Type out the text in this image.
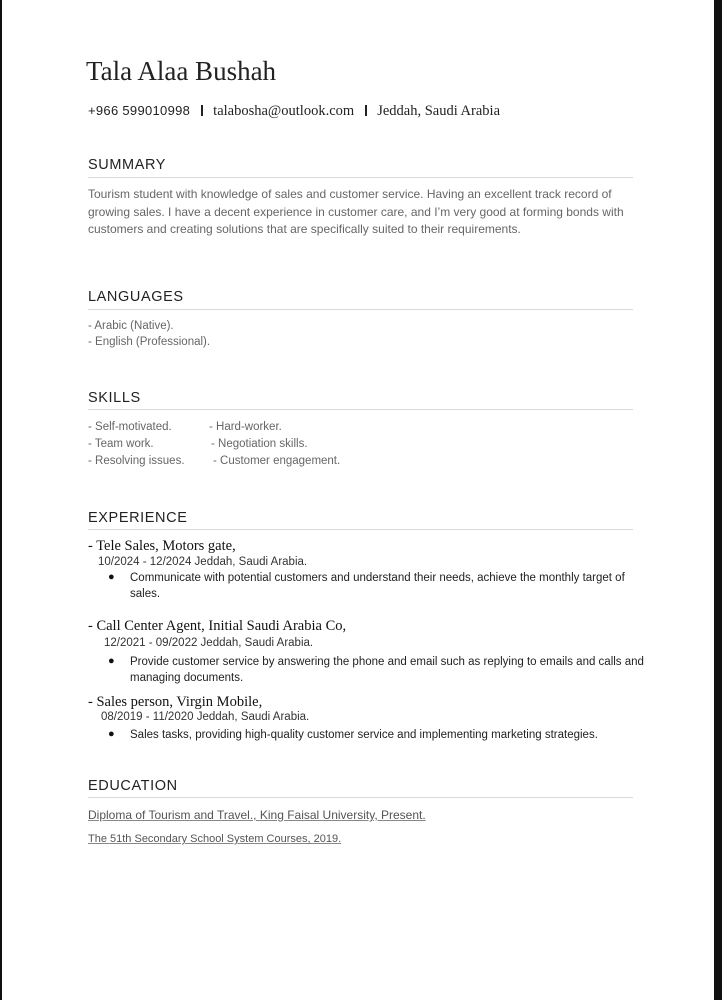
Tala Alaa Bushah
+966 599010998 talabosha@outlook.com Jeddah, Saudi Arabia
SUMMARY
Tourism student with knowledge of sales and customer service. Having an excellent track record of
growing sales. I have a decent experience in customer care, and I’m very good at forming bonds with
customers and creating solutions that are specifically suited to their requirements.
LANGUAGES
- Arabic (Native).
- English (Professional).
SKILLS
- Self-motivated.
- Team work.
- Resolving issues.
- Hard-worker.
- Negotiation skills.
- Customer engagement.
EXPERIENCE
- Tele Sales, Motors gate,
10/2024 - 12/2024 Jeddah, Saudi Arabia.
● Communicate with potential customers and understand their needs, achieve the monthly target of
sales.
- Call Center Agent, Initial Saudi Arabia Co,
12/2021 - 09/2022 Jeddah, Saudi Arabia.
● Provide customer service by answering the phone and email such as replying to emails and calls and
managing documents.
- Sales person, Virgin Mobile,
08/2019 - 11/2020 Jeddah, Saudi Arabia.
● Sales tasks, providing high-quality customer service and implementing marketing strategies.
EDUCATION
Diploma of Tourism and Travel., King Faisal University, Present.
The 51th Secondary School System Courses, 2019.
